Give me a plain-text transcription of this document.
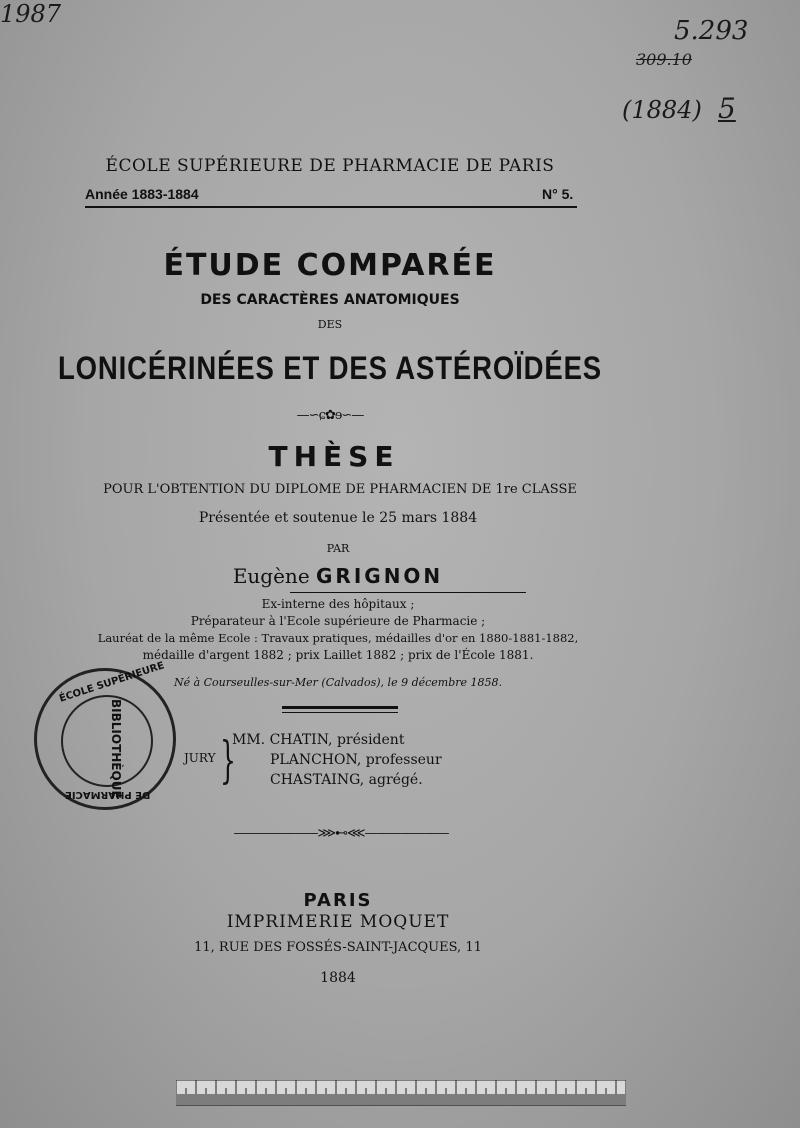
1987
5.293
309.10
(1884) 5
ÉCOLE SUPÉRIEURE DE PHARMACIE DE PARIS
Année 1883-1884	N° 5.
ÉTUDE COMPARÉE
DES CARACTÈRES ANATOMIQUES
DES
LONICÉRINÉES ET DES ASTÉROÏDÉES
—∽ɕ✿ɘ∽—
THÈSE
POUR L'OBTENTION DU DIPLOME DE PHARMACIEN DE 1re CLASSE
Présentée et soutenue le 25 mars 1884
PAR
Eugène GRIGNON
Ex-interne des hôpitaux ;
Préparateur à l'Ecole supérieure de Pharmacie ;
Lauréat de la même Ecole : Travaux pratiques, médailles d'or en 1880-1881-1882,
médaille d'argent 1882 ; prix Laillet 1882 ; prix de l'École 1881.
Né à Courseulles-sur-Mer (Calvados), le 9 décembre 1858.
JURY }
MM. CHATIN, président
PLANCHON, professeur
CHASTAING, agrégé.
ÉCOLE SUPÉRIEURE
DE PHARMACIE
BIBLIOTHÈQUE
———————⋙⊷⋘———————
PARIS
IMPRIMERIE MOQUET
11, RUE DES FOSSÉS-SAINT-JACQUES, 11
1884
